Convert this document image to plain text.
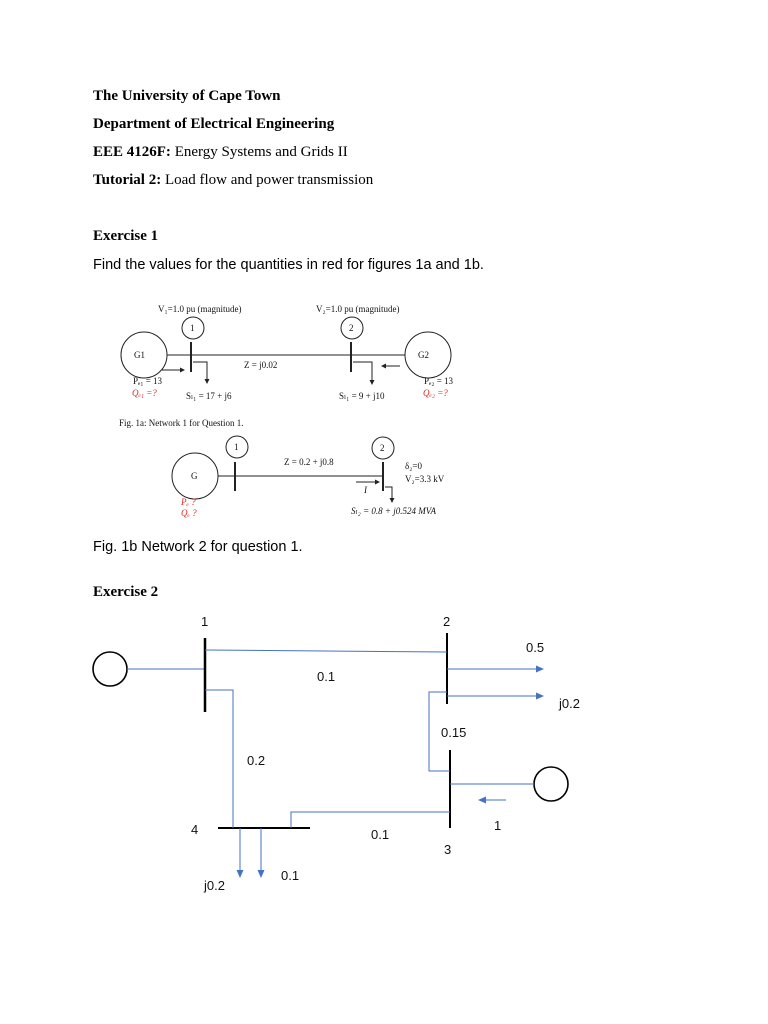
The University of Cape Town
Department of Electrical Engineering
EEE 4126F: Energy Systems and Grids II
Tutorial 2: Load flow and power transmission
Exercise 1
Find the values for the quantities in red for figures 1a and 1b.
V₁=1.0 pu (magnitude)	V₂=1.0 pu (magnitude)
1	2
G1	G2
Z = j0.02
Pₑ₁ = 13
Qₑ₁ =?	Sₗ₁ = 17 + j6	Sₗ₁ = 9 + j10
Pₑ₂ = 13
Qₑ₂ =?
Fig. 1a: Network 1 for Question 1.
1	2
G
Z = 0.2 + j0.8	δ₂=0
V₂=3.3 kV
I
Pₑ ?
Qₑ ?	Sₗ₂ = 0.8 + j0.524 MVA
Fig. 1b Network 2 for question 1.
Exercise 2
1	2
3
4
0.1
0.2
0.15
0.1
0.5
j0.2
1
0.1
j0.2
